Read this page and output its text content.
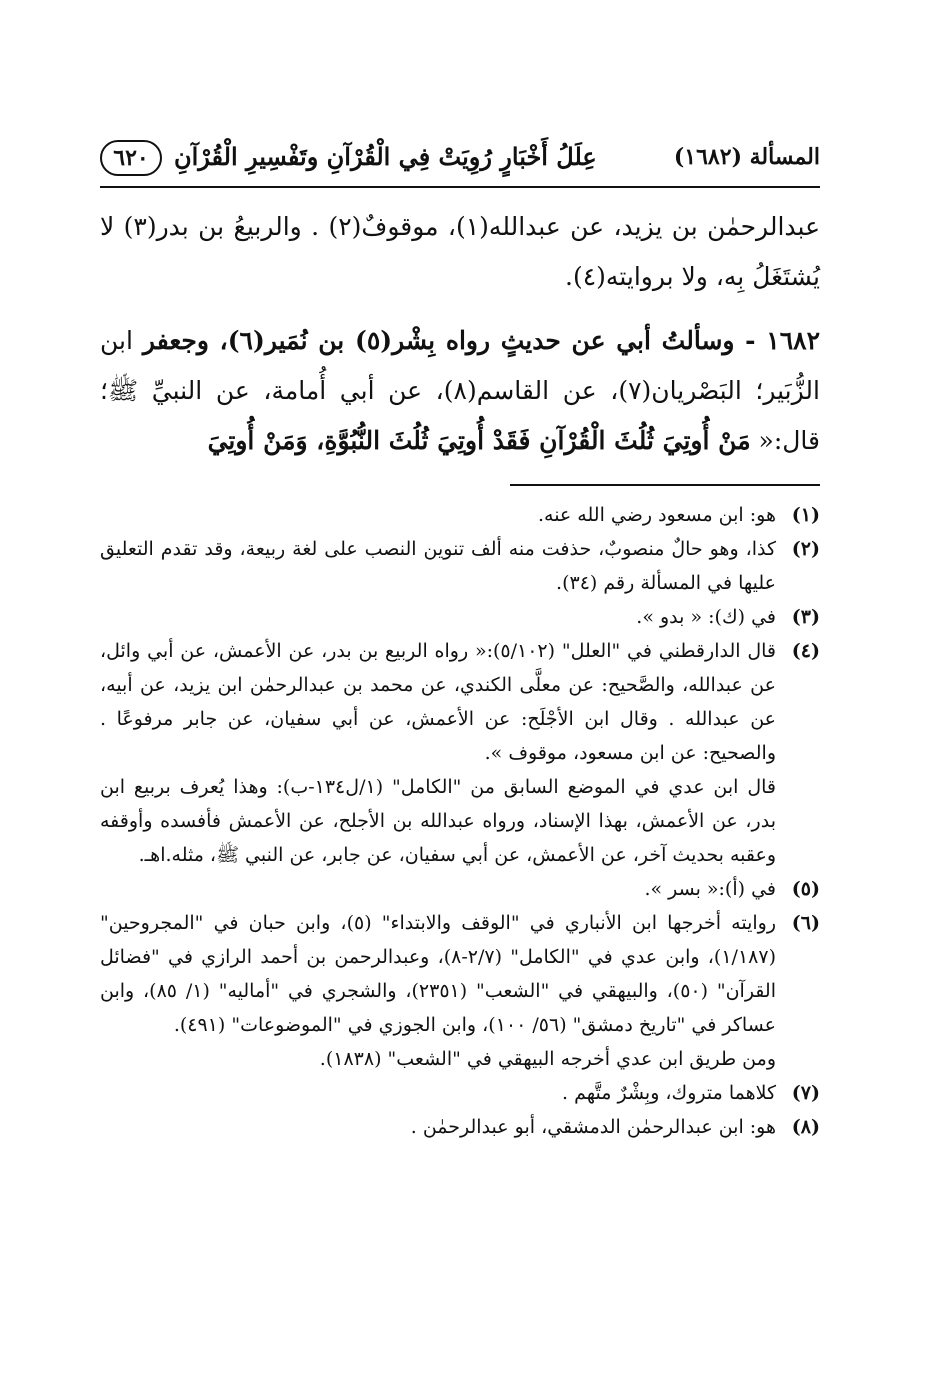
المسألة (١٦٨٢)
عِلَلُ أَخْبَارٍ رُوِيَتْ فِي الْقُرْآنِ وتَفْسِيرِ الْقُرْآنِ
٦٢٠

عبدالرحمٰن بن يزيد، عن عبدالله(١)، موقوفٌ(٢) . والربيعُ بن بدر(٣) لا يُشتَغَلُ بِه، ولا بروايته(٤).

١٦٨٢ - وسألتُ أبي عن حديثٍ رواه بِشْر(٥) بن نُمَير(٦)، وجعفر ابن الزُّبَير؛ البَصْريان(٧)، عن القاسم(٨)، عن أبي أُمامة، عن النبيِّ ﷺ؛ قال:« مَنْ أُوتِيَ ثُلُثَ الْقُرْآنِ فَقَدْ أُوتِيَ ثُلُثَ النُّبُوَّةِ، وَمَنْ أُوتِيَ

(١)

هو: ابن مسعود رضي الله عنه.

(٢)

كذا، وهو حالٌ منصوبٌ، حذفت منه ألف تنوين النصب على لغة ربيعة، وقد تقدم التعليق عليها في المسألة رقم (٣٤).

(٣)

في (ك): « بدو ».

(٤)

قال الدارقطني في "العلل" (٥/١٠٢):« رواه الربيع بن بدر، عن الأعمش، عن أبي وائل، عن عبدالله، والصَّحيح: عن معلَّى الكندي، عن محمد بن عبدالرحمٰن ابن يزيد، عن أبيه، عن عبدالله . وقال ابن الأجْلَح: عن الأعمش، عن أبي سفيان، عن جابر مرفوعًا . والصحيح: عن ابن مسعود، موقوف ».

قال ابن عدي في الموضع السابق من "الكامل" (١/ل١٣٤-ب): وهذا يُعرف بربيع ابن بدر، عن الأعمش، بهذا الإسناد، ورواه عبدالله بن الأجلح، عن الأعمش فأفسده وأوقفه وعقبه بحديث آخر، عن الأعمش، عن أبي سفيان، عن جابر، عن النبي ﷺ، مثله.اهـ.

(٥)

في (أ):« بسر ».

(٦)

روايته أخرجها ابن الأنباري في "الوقف والابتداء" (٥)، وابن حبان في "المجروحين" (١/١٨٧)، وابن عدي في "الكامل" (٢/٧-٨)، وعبدالرحمن بن أحمد الرازي في "فضائل القرآن" (٥٠)، والبيهقي في "الشعب" (٢٣٥١)، والشجري في "أماليه" (١/ ٨٥)، وابن عساكر في "تاريخ دمشق" (٥٦/ ١٠٠)، وابن الجوزي في "الموضوعات" (٤٩١).

ومن طريق ابن عدي أخرجه البيهقي في "الشعب" (١٨٣٨).

(٧)

كلاهما متروك، وبِشْرٌ متَّهم .

(٨)

هو: ابن عبدالرحمٰن الدمشقي، أبو عبدالرحمٰن .
